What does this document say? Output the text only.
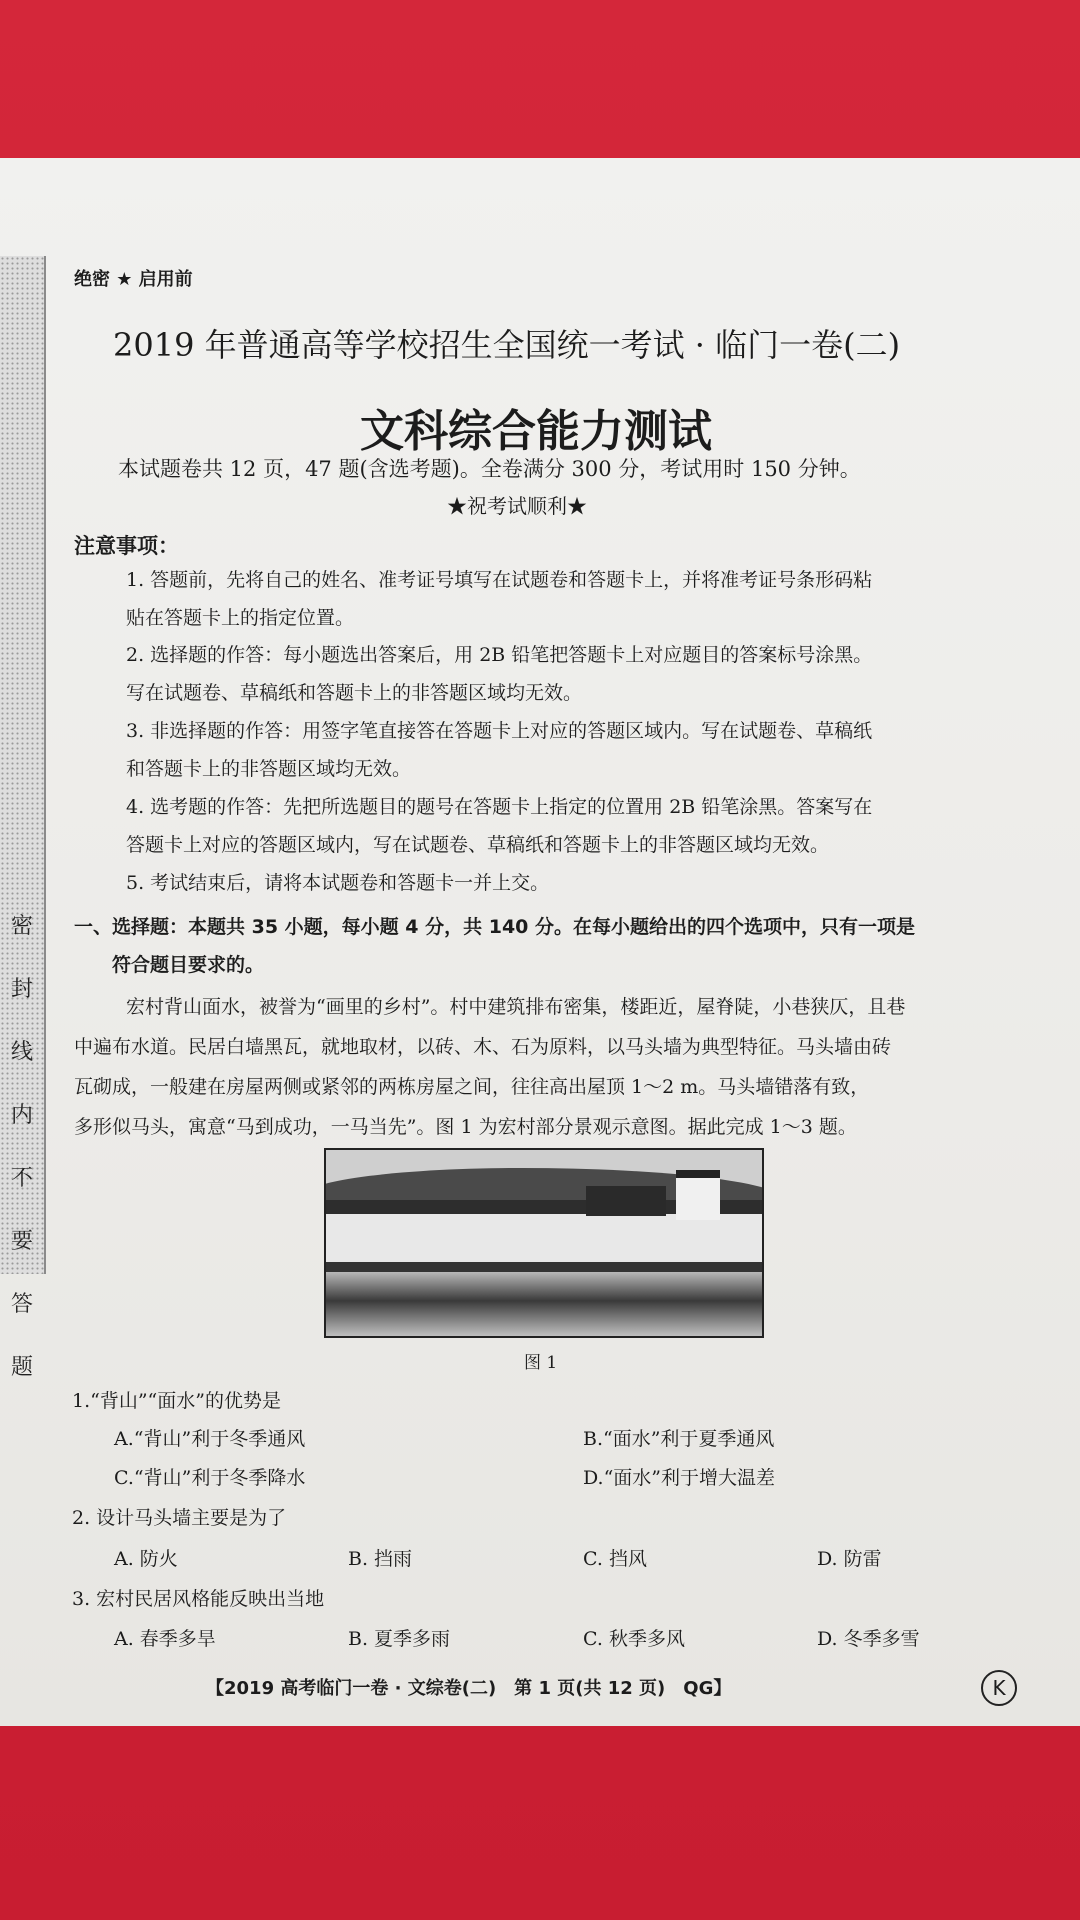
密
封
线
内
不
要
答
题
绝密 ★ 启用前
2019 年普通高等学校招生全国统一考试 · 临门一卷(二)
文科综合能力测试
本试题卷共 12 页，47 题(含选考题)。全卷满分 300 分，考试用时 150 分钟。
★祝考试顺利★
注意事项：
1. 答题前，先将自己的姓名、准考证号填写在试题卷和答题卡上，并将准考证号条形码粘
贴在答题卡上的指定位置。
2. 选择题的作答：每小题选出答案后，用 2B 铅笔把答题卡上对应题目的答案标号涂黑。
写在试题卷、草稿纸和答题卡上的非答题区域均无效。
3. 非选择题的作答：用签字笔直接答在答题卡上对应的答题区域内。写在试题卷、草稿纸
和答题卡上的非答题区域均无效。
4. 选考题的作答：先把所选题目的题号在答题卡上指定的位置用 2B 铅笔涂黑。答案写在
答题卡上对应的答题区域内，写在试题卷、草稿纸和答题卡上的非答题区域均无效。
5. 考试结束后，请将本试题卷和答题卡一并上交。
一、选择题：本题共 35 小题，每小题 4 分，共 140 分。在每小题给出的四个选项中，只有一项是
符合题目要求的。
宏村背山面水，被誉为“画里的乡村”。村中建筑排布密集，楼距近，屋脊陡，小巷狭仄，且巷
中遍布水道。民居白墙黑瓦，就地取材，以砖、木、石为原料，以马头墙为典型特征。马头墙由砖
瓦砌成，一般建在房屋两侧或紧邻的两栋房屋之间，往往高出屋顶 1～2 m。马头墙错落有致，
多形似马头，寓意“马到成功，一马当先”。图 1 为宏村部分景观示意图。据此完成 1～3 题。
图 1
1.“背山”“面水”的优势是
A.“背山”利于冬季通风	B.“面水”利于夏季通风
C.“背山”利于冬季降水	D.“面水”利于增大温差
2. 设计马头墙主要是为了
A. 防火	B. 挡雨	C. 挡风	D. 防雷
3. 宏村民居风格能反映出当地
A. 春季多旱	B. 夏季多雨	C. 秋季多风	D. 冬季多雪
【2019 高考临门一卷 · 文综卷(二)　第 1 页(共 12 页)　QG】	K
